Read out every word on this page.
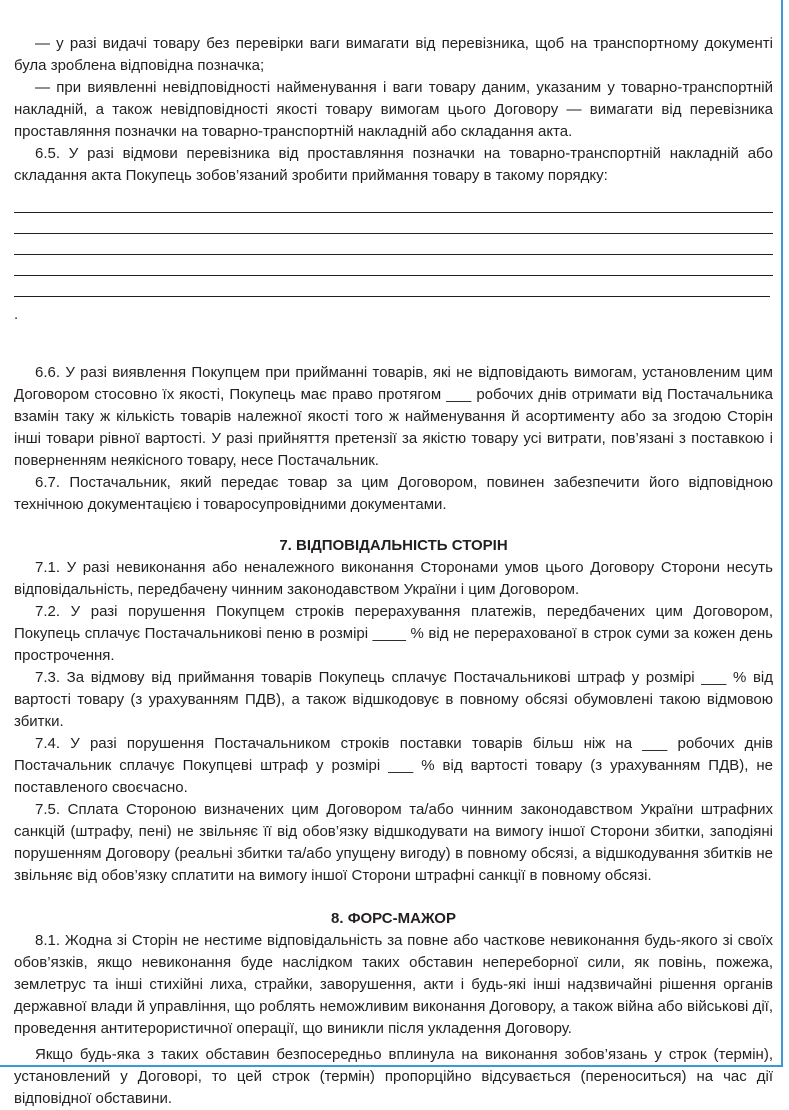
— у разі видачі товару без перевірки ваги вимагати від перевізника, щоб на транспортному документі була зроблена відповідна позначка;

— при виявленні невідповідності найменування і ваги товару даним, указаним у товарно-транспортній накладній, а також невідповідності якості товару вимогам цього Договору — вимагати від перевізника проставляння позначки на товарно-транспортній накладній або складання акта.

6.5. У разі відмови перевізника від проставляння позначки на товарно-транспортній накладній або складання акта Покупець зобов’язаний зробити приймання товару в такому порядку:

.

6.6. У разі виявлення Покупцем при прийманні товарів, які не відповідають вимогам, установленим цим Договором стосовно їх якості, Покупець має право протягом ___ робочих днів отримати від Постачальника взамін таку ж кількість товарів належної якості того ж найменування й асортименту або за згодою Сторін інші товари рівної вартості. У разі прийняття претензії за якістю товару усі витрати, пов’язані з поставкою і поверненням неякісного товару, несе Постачальник.

6.7. Постачальник, який передає товар за цим Договором, повинен забезпечити його відповідною технічною документацією і товаросупровідними документами.

7. ВІДПОВІДАЛЬНІСТЬ СТОРІН

7.1. У разі невиконання або неналежного виконання Сторонами умов цього Договору Сторони несуть відповідальність, передбачену чинним законодавством України і цим Договором.

7.2. У разі порушення Покупцем строків перерахування платежів, передбачених цим Договором, Покупець сплачує Постачальникові пеню в розмірі ____ % від не перерахованої в строк суми за кожен день прострочення.

7.3. За відмову від приймання товарів Покупець сплачує Постачальникові штраф у розмірі ___ % від вартості товару (з урахуванням ПДВ), а також відшкодовує в повному обсязі обумовлені такою відмовою збитки.

7.4. У разі порушення Постачальником строків поставки товарів більш ніж на ___ робочих днів Постачальник сплачує Покупцеві штраф у розмірі ___ % від вартості товару (з урахуванням ПДВ), не поставленого своєчасно.

7.5. Сплата Стороною визначених цим Договором та/або чинним законодавством України штрафних санкцій (штрафу, пені) не звільняє її від обов’язку відшкодувати на вимогу іншої Сторони збитки, заподіяні порушенням Договору (реальні збитки та/або упущену вигоду) в повному обсязі, а відшкодування збитків не звільняє від обов’язку сплатити на вимогу іншої Сторони штрафні санкції в повному обсязі.

8. ФОРС-МАЖОР

8.1. Жодна зі Сторін не нестиме відповідальність за повне або часткове невиконання будь-якого зі своїх обов’язків, якщо невиконання буде наслідком таких обставин непереборної сили, як повінь, пожежа, землетрус та інші стихійні лиха, страйки, заворушення, акти і будь-які інші надзвичайні рішення органів державної влади й управління, що роблять неможливим виконання Договору, а також війна або військові дії, проведення антитерористичної операції, що виникли після укладення Договору.

Якщо будь-яка з таких обставин безпосередньо вплинула на виконання зобов’язань у строк (термін), установлений у Договорі, то цей строк (термін) пропорційно відсувається (переноситься) на час дії відповідної обставини.
